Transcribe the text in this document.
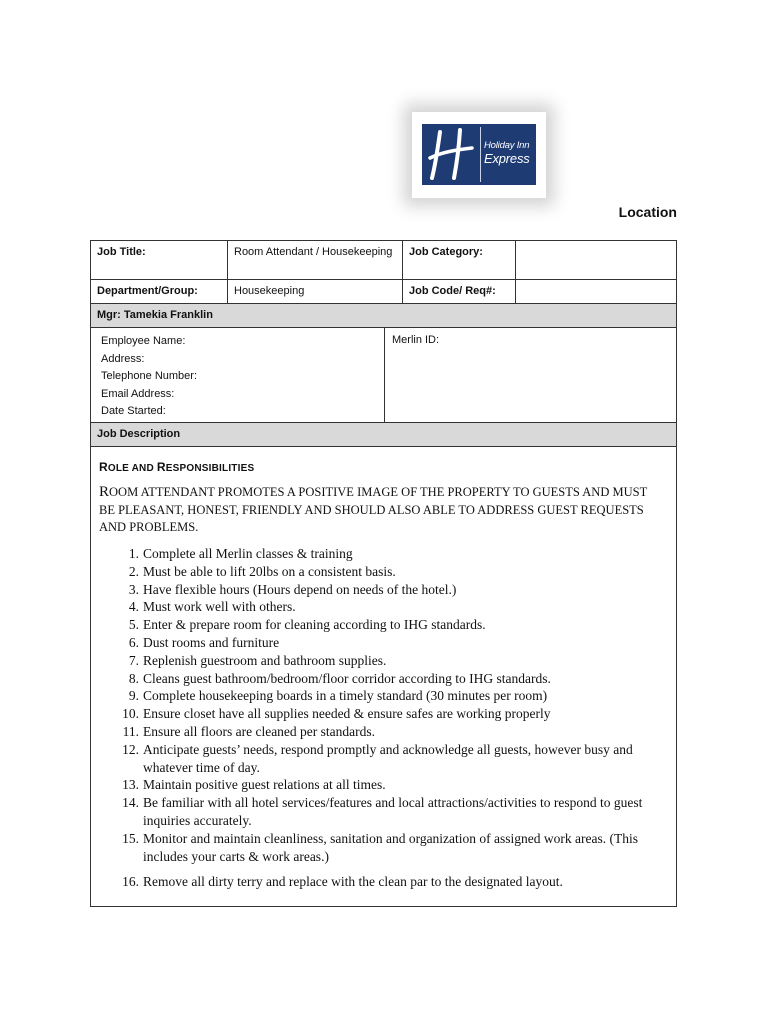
Holiday Inn
Express
Location
Job Title:	Room Attendant / Housekeeping	Job Category:
Department/Group:	Housekeeping	Job Code/ Req#:
Mgr: Tamekia Franklin
Employee Name:
Address:
Telephone Number:
Email Address:
Date Started:
Merlin ID:
Job Description
ROLE AND RESPONSIBILITIES
ROOM ATTENDANT PROMOTES A POSITIVE IMAGE OF THE PROPERTY TO GUESTS AND MUST BE PLEASANT, HONEST, FRIENDLY AND SHOULD ALSO ABLE TO ADDRESS GUEST REQUESTS AND PROBLEMS.
1. Complete all Merlin classes & training
2. Must be able to lift 20lbs on a consistent basis.
3. Have flexible hours (Hours depend on needs of the hotel.)
4. Must work well with others.
5. Enter & prepare room for cleaning according to IHG standards.
6. Dust rooms and furniture
7. Replenish guestroom and bathroom supplies.
8. Cleans guest bathroom/bedroom/floor corridor according to IHG standards.
9. Complete housekeeping boards in a timely standard (30 minutes per room)
10. Ensure closet have all supplies needed & ensure safes are working properly
11. Ensure all floors are cleaned per standards.
12. Anticipate guests’ needs, respond promptly and acknowledge all guests, however busy and whatever time of day.
13. Maintain positive guest relations at all times.
14. Be familiar with all hotel services/features and local attractions/activities to respond to guest inquiries accurately.
15. Monitor and maintain cleanliness, sanitation and organization of assigned work areas. (This includes your carts & work areas.)
16. Remove all dirty terry and replace with the clean par to the designated layout.
